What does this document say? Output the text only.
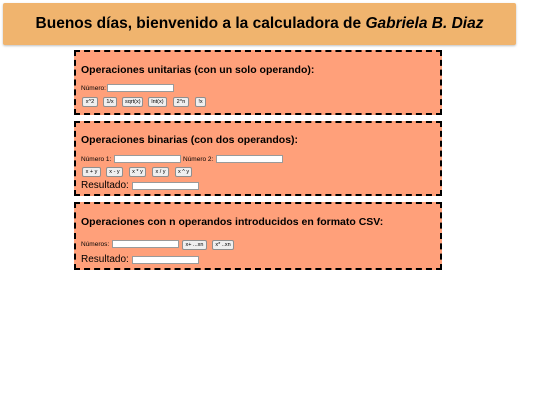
Buenos días, bienvenido a la calculadora de Gabriela B. Diaz
Operaciones unitarias (con un solo operando):
Número:
x^2	1/x	sqrt(x)	lnt(x)	2^n	!x
Operaciones binarias (con dos operandos):
Número 1:	Número 2:
x + y	x - y	x * y	x / y	x ^ y
Resultado:
Operaciones con n operandos introducidos en formato CSV:
Números:	x+ ...xn	x* ..xn
Resultado:
